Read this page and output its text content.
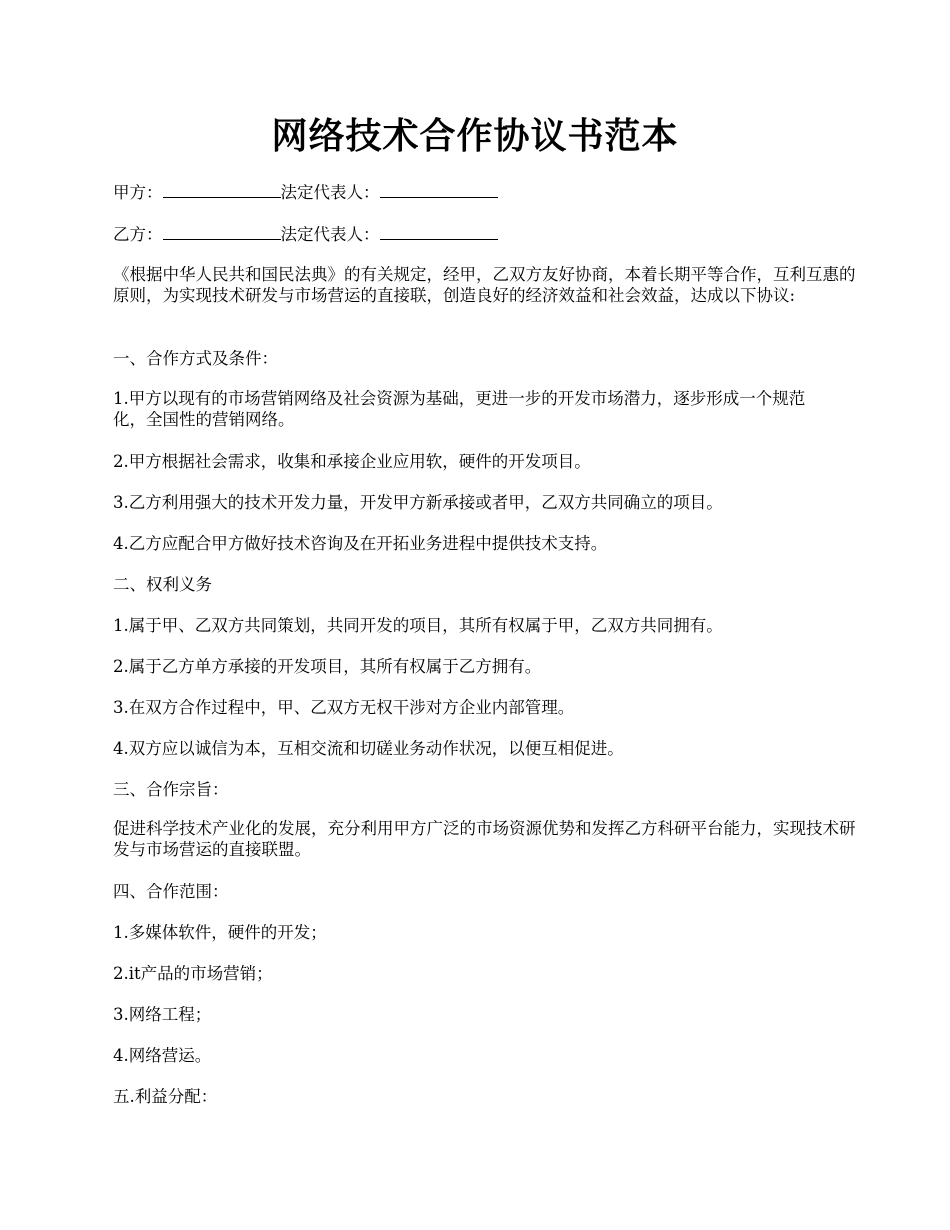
网络技术合作协议书范本

甲方：	法定代表人：

乙方：	法定代表人：

《根据中华人民共和国民法典》的有关规定，经甲，乙双方友好协商，本着长期平等合作，互利互惠的原则，为实现技术研发与市场营运的直接联，创造良好的经济效益和社会效益，达成以下协议:

一、合作方式及条件：

1.甲方以现有的市场营销网络及社会资源为基础，更进一步的开发市场潜力，逐步形成一个规范化，全国性的营销网络。

2.甲方根据社会需求，收集和承接企业应用软，硬件的开发项目。

3.乙方利用强大的技术开发力量，开发甲方新承接或者甲，乙双方共同确立的项目。

4.乙方应配合甲方做好技术咨询及在开拓业务进程中提供技术支持。

二、权利义务

1.属于甲、乙双方共同策划，共同开发的项目，其所有权属于甲，乙双方共同拥有。

2.属于乙方单方承接的开发项目，其所有权属于乙方拥有。

3.在双方合作过程中，甲、乙双方无权干涉对方企业内部管理。

4.双方应以诚信为本，互相交流和切磋业务动作状况，以便互相促进。

三、合作宗旨：

促进科学技术产业化的发展，充分利用甲方广泛的市场资源优势和发挥乙方科研平台能力，实现技术研发与市场营运的直接联盟。

四、合作范围：

1.多媒体软件，硬件的开发；

2.it产品的市场营销；

3.网络工程；

4.网络营运。

五.利益分配：
